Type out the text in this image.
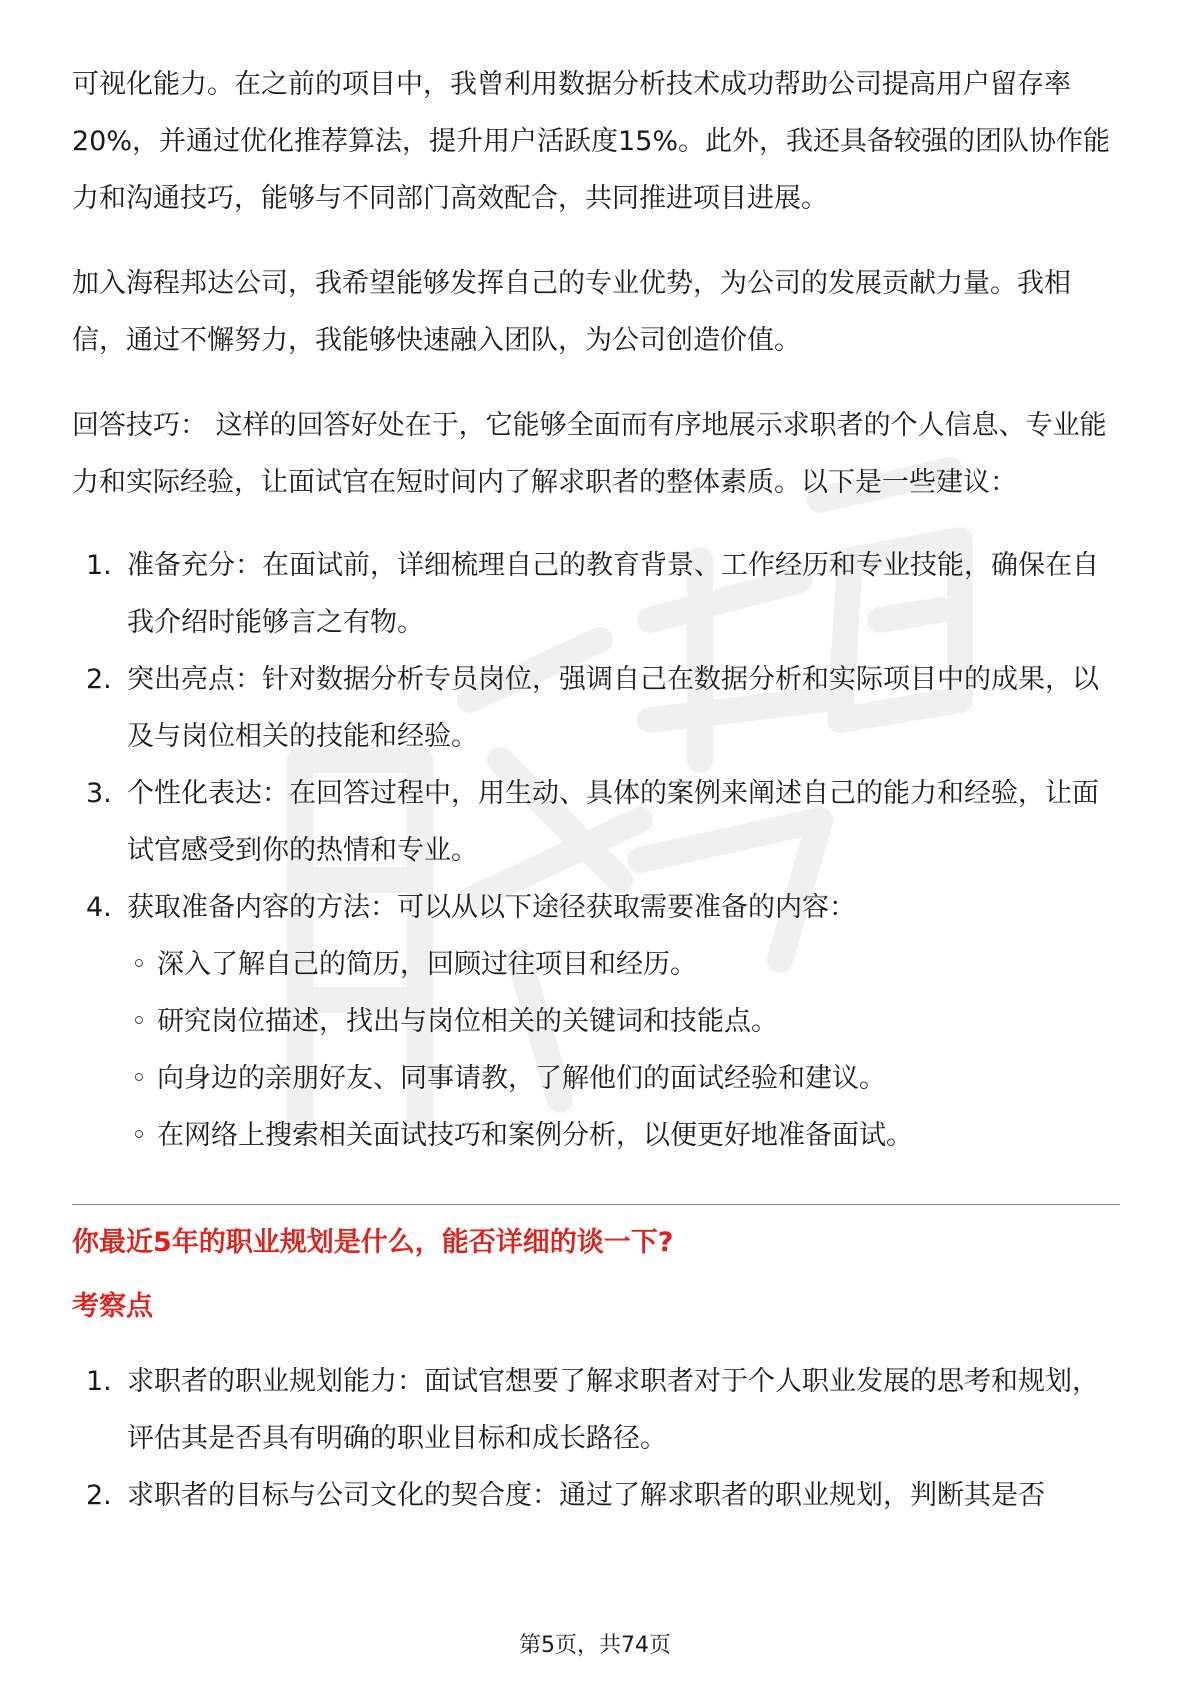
可视化能力。在之前的项目中，我曾利用数据分析技术成功帮助公司提高用户留存率20%，并通过优化推荐算法，提升用户活跃度15%。此外，我还具备较强的团队协作能力和沟通技巧，能够与不同部门高效配合，共同推进项目进展。

加入海程邦达公司，我希望能够发挥自己的专业优势，为公司的发展贡献力量。我相信，通过不懈努力，我能够快速融入团队，为公司创造价值。

回答技巧： 这样的回答好处在于，它能够全面而有序地展示求职者的个人信息、专业能力和实际经验，让面试官在短时间内了解求职者的整体素质。以下是一些建议：

1. 准备充分：在面试前，详细梳理自己的教育背景、工作经历和专业技能，确保在自我介绍时能够言之有物。
2. 突出亮点：针对数据分析专员岗位，强调自己在数据分析和实际项目中的成果，以及与岗位相关的技能和经验。
3. 个性化表达：在回答过程中，用生动、具体的案例来阐述自己的能力和经验，让面试官感受到你的热情和专业。
4. 获取准备内容的方法：可以从以下途径获取需要准备的内容：
◦ 深入了解自己的简历，回顾过往项目和经历。
◦ 研究岗位描述，找出与岗位相关的关键词和技能点。
◦ 向身边的亲朋好友、同事请教，了解他们的面试经验和建议。
◦ 在网络上搜索相关面试技巧和案例分析，以便更好地准备面试。
你最近5年的职业规划是什么，能否详细的谈一下?
考察点
1. 求职者的职业规划能力：面试官想要了解求职者对于个人职业发展的思考和规划，评估其是否具有明确的职业目标和成长路径。
2. 求职者的目标与公司文化的契合度：通过了解求职者的职业规划，判断其是否
第5页，共74页
